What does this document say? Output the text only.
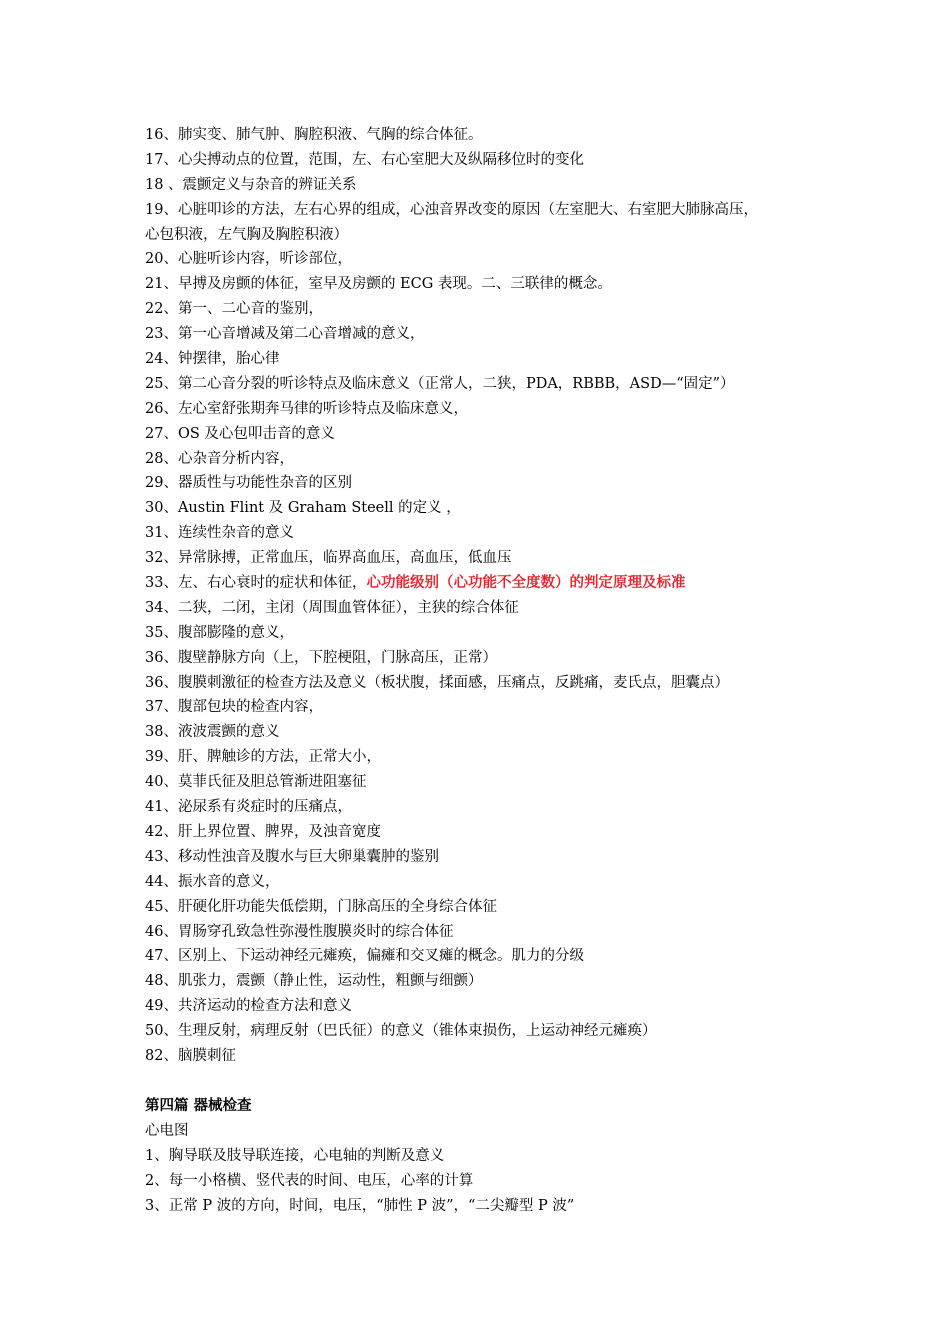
16、肺实变、肺气肿、胸腔积液、气胸的综合体征。
17、心尖搏动点的位置，范围，左、右心室肥大及纵隔移位时的变化
18 、震颤定义与杂音的辨证关系
19、心脏叩诊的方法，左右心界的组成，心浊音界改变的原因（左室肥大、右室肥大肺脉高压，
心包积液，左气胸及胸腔积液）
20、心脏听诊内容，听诊部位，
21、早搏及房颤的体征，室早及房颤的 ECG 表现。二、三联律的概念。
22、第一、二心音的鉴别，
23、第一心音增减及第二心音增减的意义，
24、钟摆律，胎心律
25、第二心音分裂的听诊特点及临床意义（正常人，二狭，PDA，RBBB，ASD—“固定”）
26、左心室舒张期奔马律的听诊特点及临床意义，
27、OS 及心包叩击音的意义
28、心杂音分析内容，
29、器质性与功能性杂音的区别
30、Austin Flint 及 Graham Steell 的定义 ，
31、连续性杂音的意义
32、异常脉搏，正常血压，临界高血压，高血压，低血压
33、左、右心衰时的症状和体征，心功能级别（心功能不全度数）的判定原理及标准
34、二狭，二闭，主闭（周围血管体征），主狭的综合体征
35、腹部膨隆的意义，
36、腹壁静脉方向（上，下腔梗阻，门脉高压，正常）
36、腹膜刺激征的检查方法及意义（板状腹，揉面感，压痛点，反跳痛，麦氏点，胆囊点）
37、腹部包块的检查内容，
38、液波震颤的意义
39、肝、脾触诊的方法，正常大小，
40、莫菲氏征及胆总管渐进阻塞征
41、泌尿系有炎症时的压痛点，
42、肝上界位置、脾界，及浊音宽度
43、移动性浊音及腹水与巨大卵巢囊肿的鉴别
44、振水音的意义，
45、肝硬化肝功能失低偿期，门脉高压的全身综合体征
46、胃肠穿孔致急性弥漫性腹膜炎时的综合体征
47、区别上、下运动神经元瘫痪，偏瘫和交叉瘫的概念。肌力的分级
48、肌张力，震颤（静止性，运动性，粗颤与细颤）
49、共济运动的检查方法和意义
50、生理反射，病理反射（巴氏征）的意义（锥体束损伤，上运动神经元瘫痪）
82、脑膜刺征
第四篇 器械检查
心电图
1、胸导联及肢导联连接，心电轴的判断及意义
2、每一小格横、竖代表的时间、电压，心率的计算
3、正常 P 波的方向，时间，电压，“肺性 P 波”，“二尖瓣型 P 波”
